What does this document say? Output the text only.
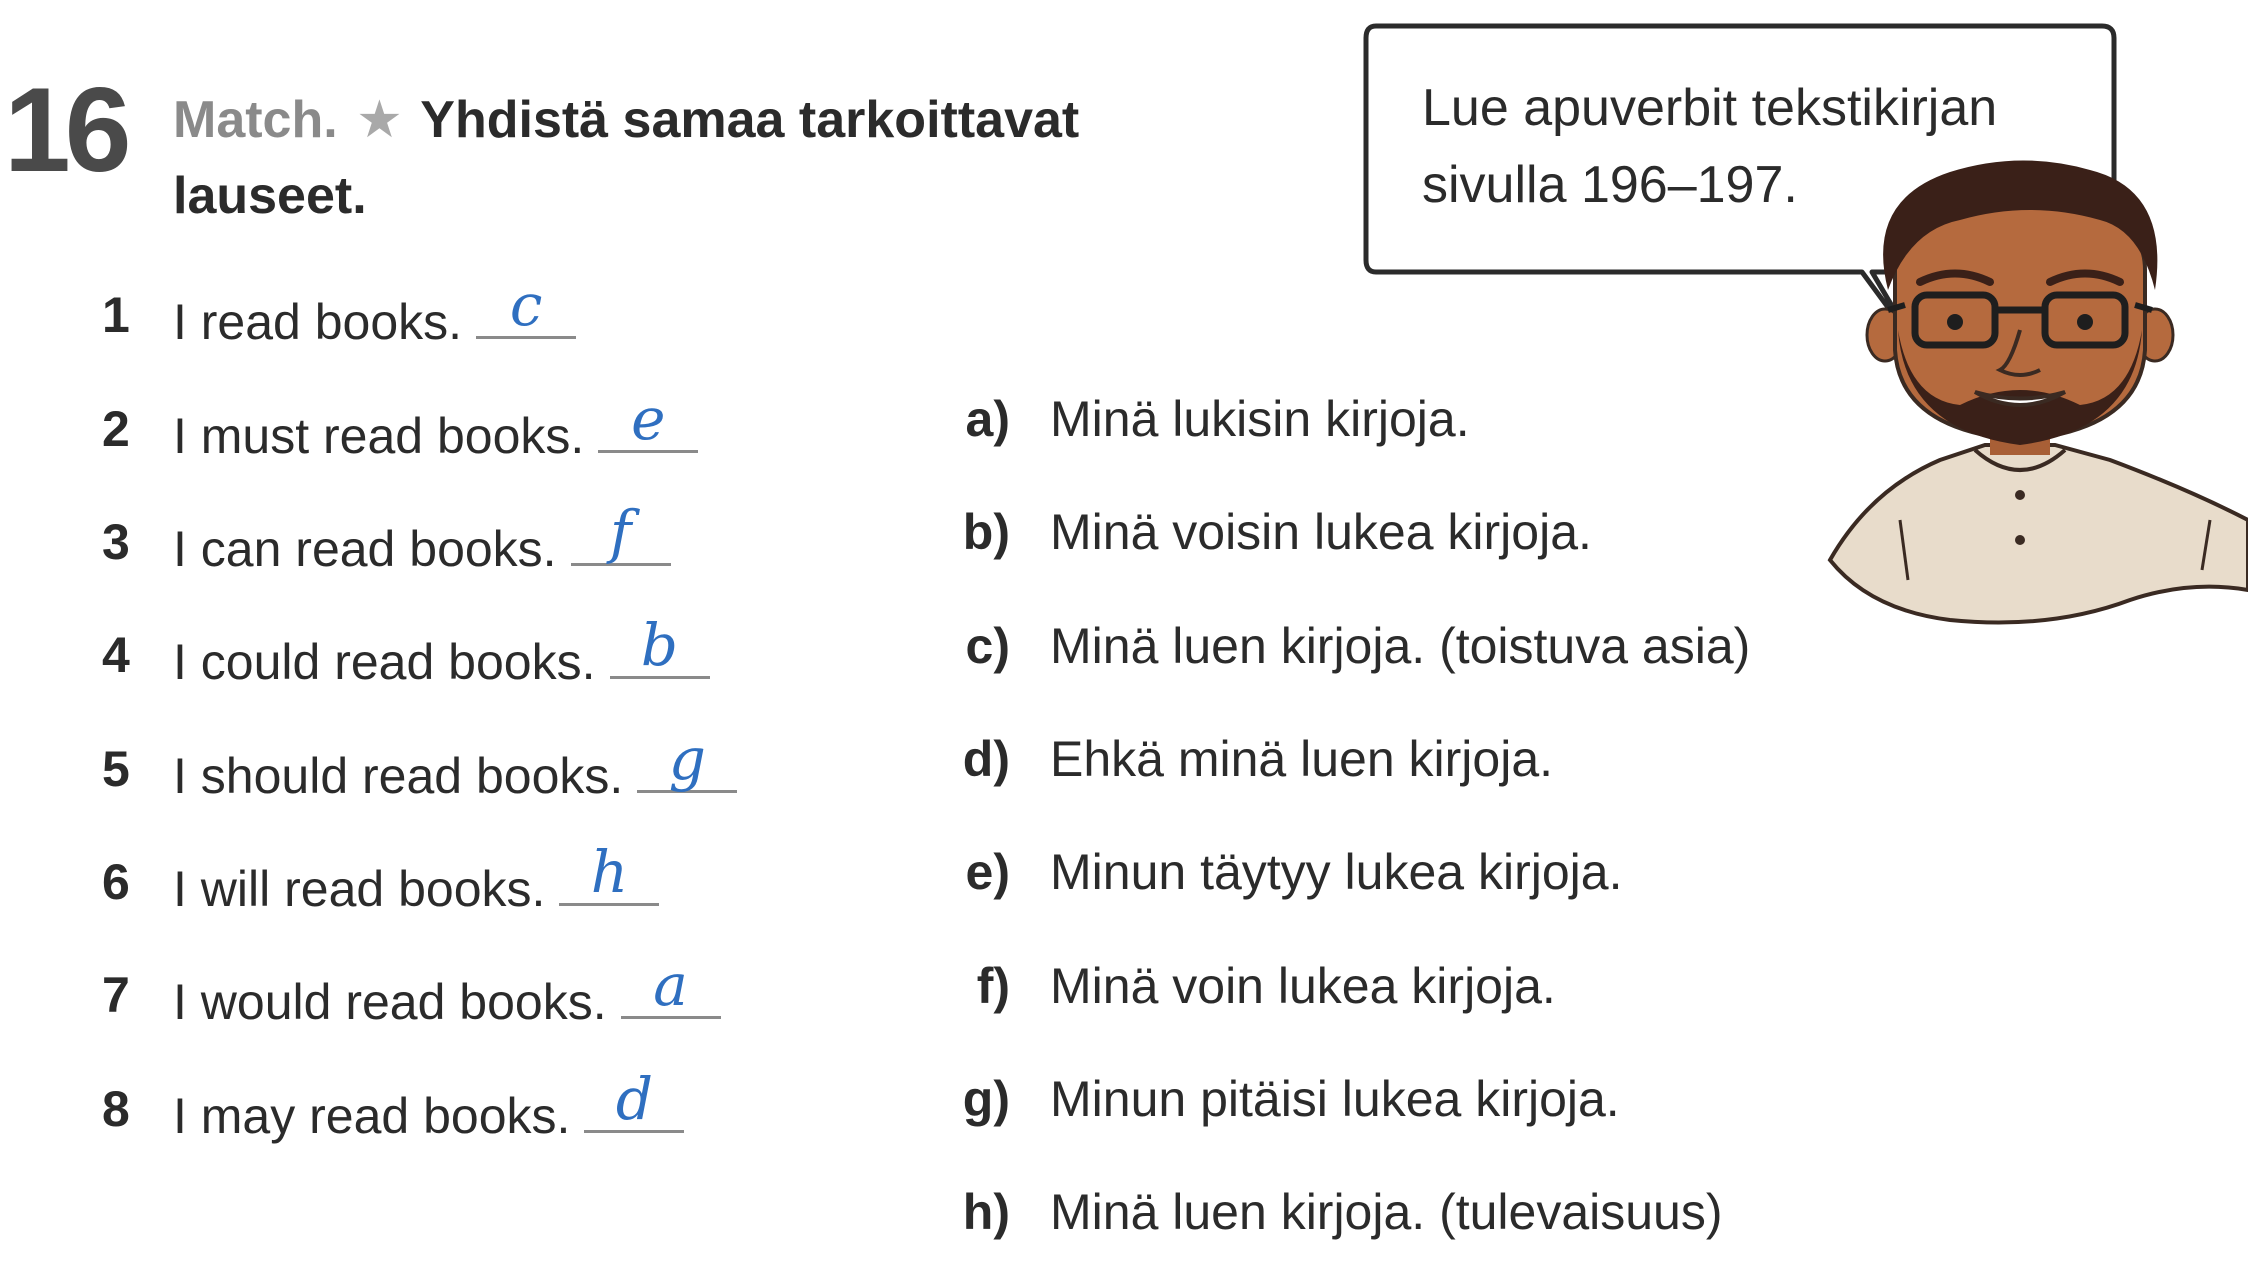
16 Match. ★ Yhdistä samaa tarkoittavat lauseet.
1 I read books. c
2 I must read books. e
3 I can read books. f
4 I could read books. b
5 I should read books. g
6 I will read books. h
7 I would read books. a
8 I may read books. d
a) Minä lukisin kirjoja.
b) Minä voisin lukea kirjoja.
c) Minä luen kirjoja. (toistuva asia)
d) Ehkä minä luen kirjoja.
e) Minun täytyy lukea kirjoja.
f) Minä voin lukea kirjoja.
g) Minun pitäisi lukea kirjoja.
h) Minä luen kirjoja. (tulevaisuus)
Lue apuverbit tekstikirjan
sivulla 196–197.
